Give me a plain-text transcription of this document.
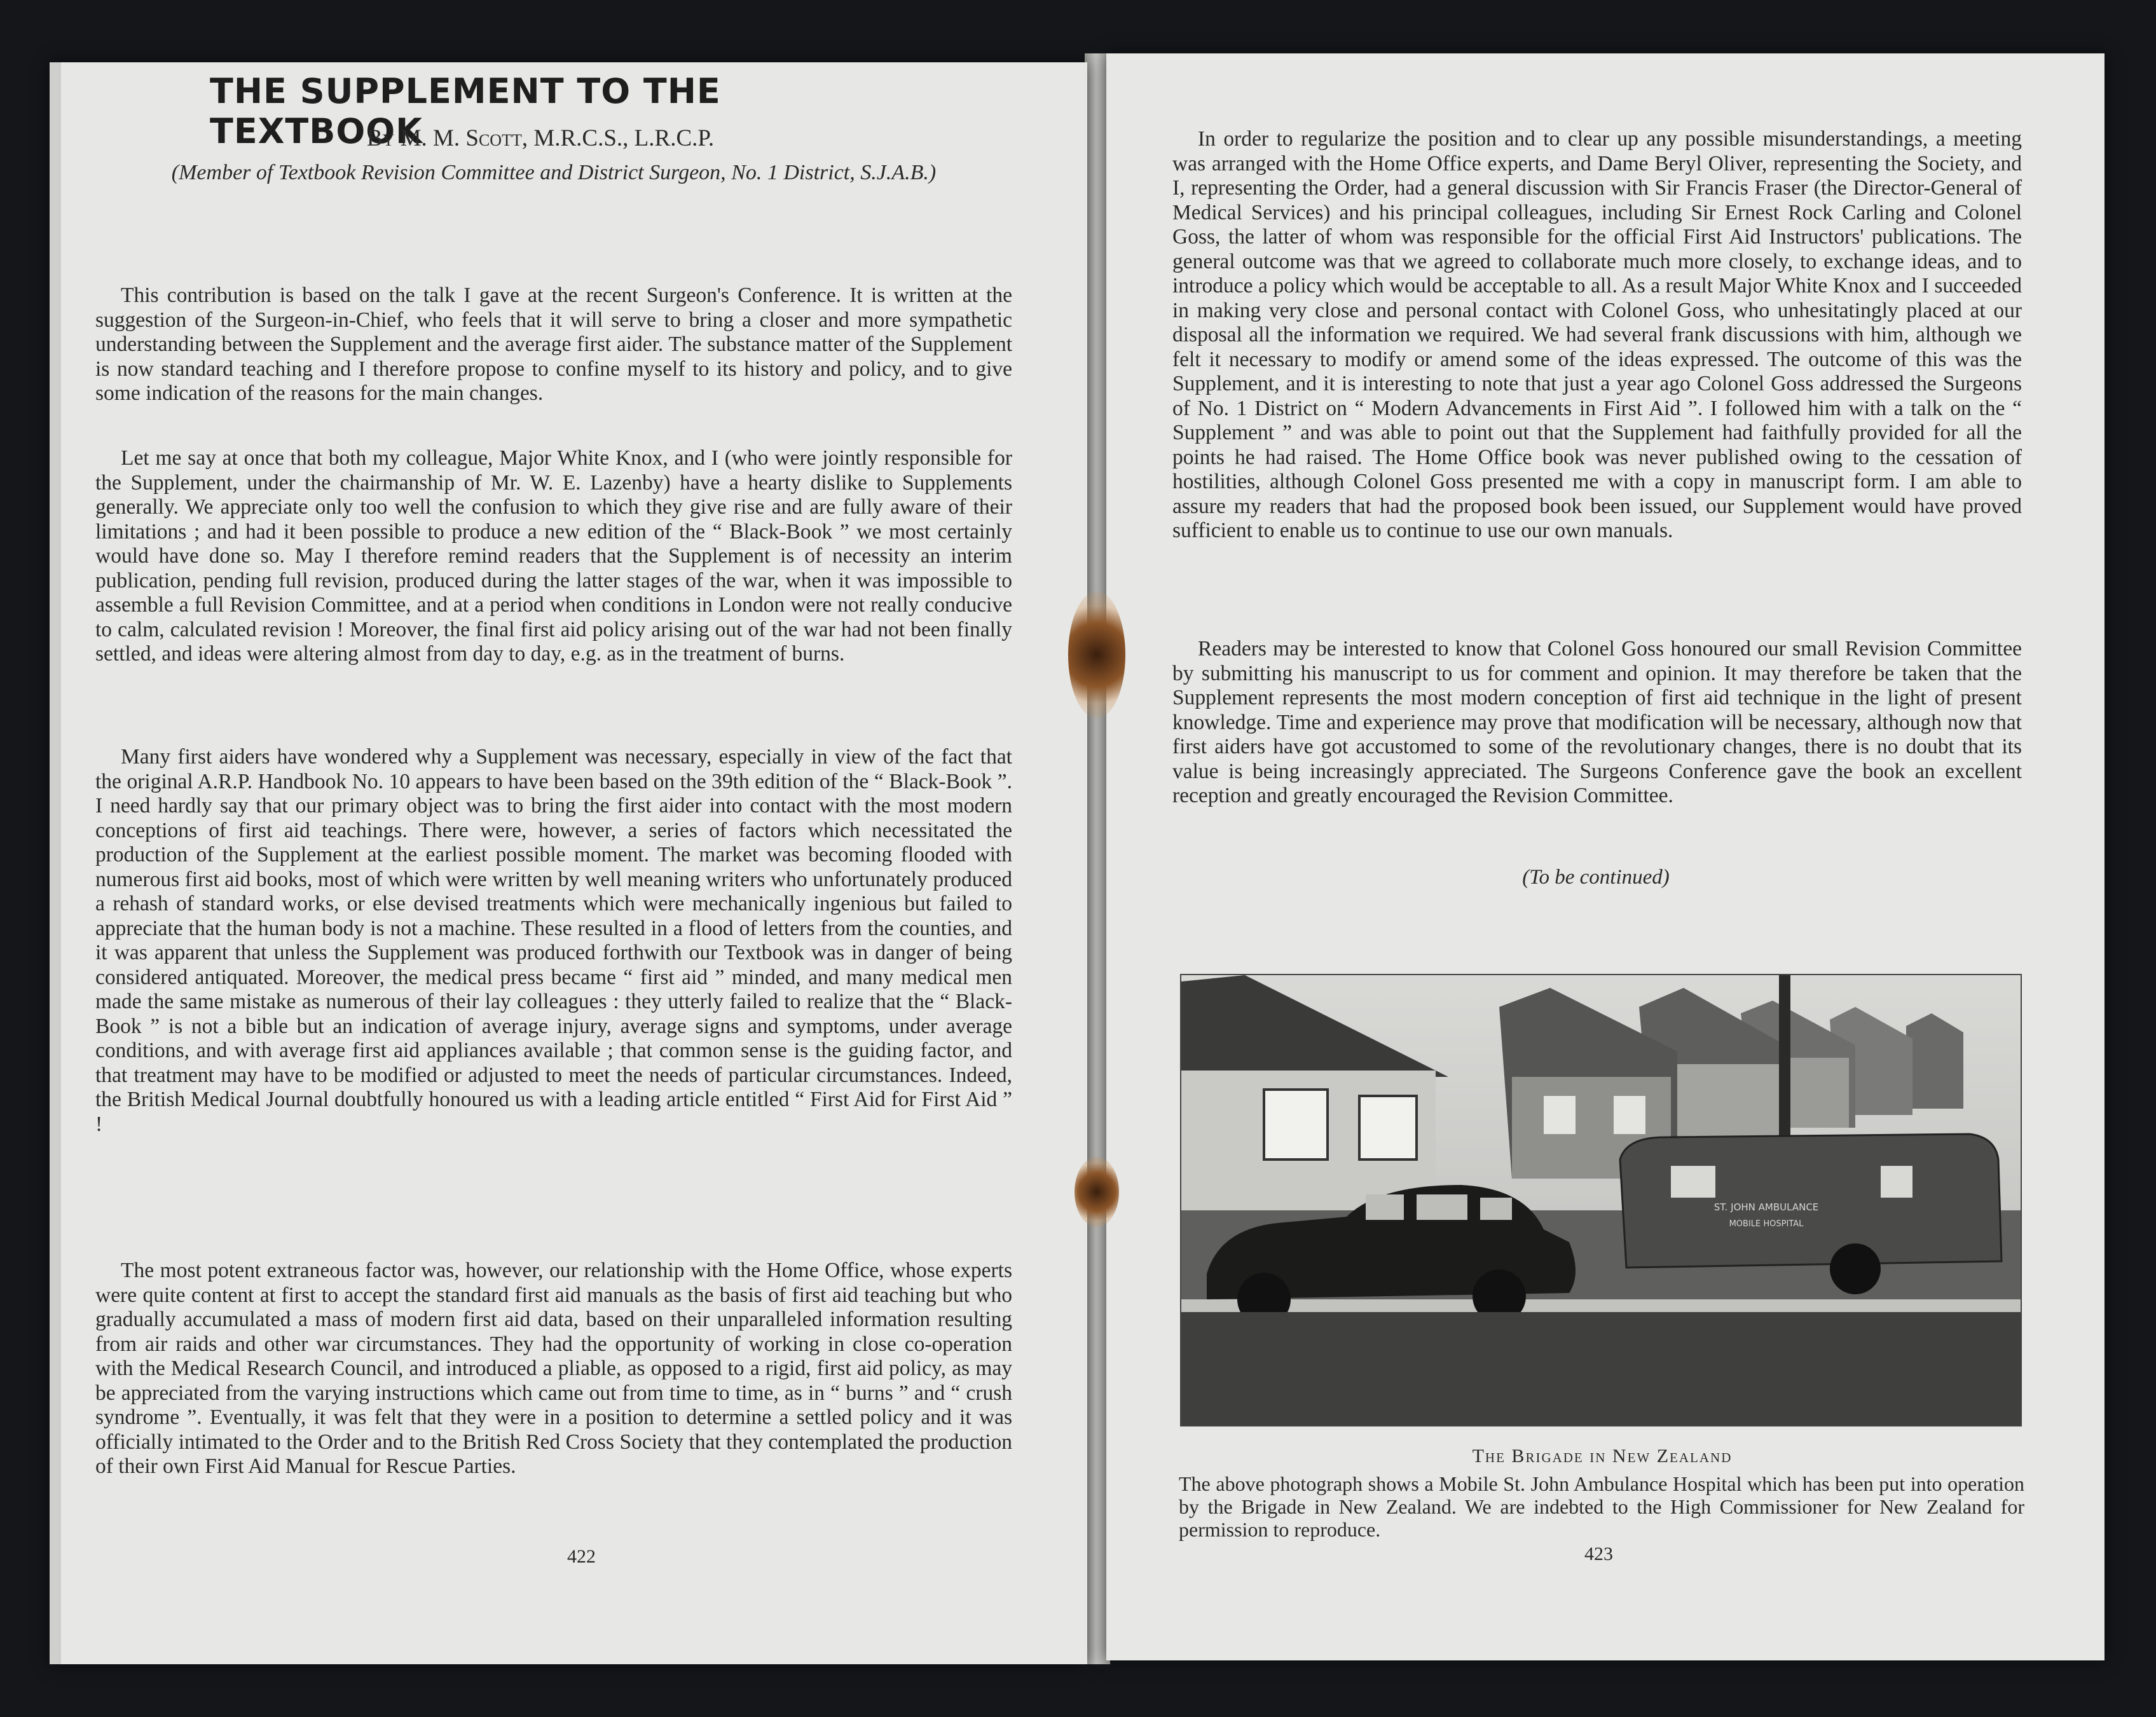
THE SUPPLEMENT TO THE TEXTBOOK
By M. M. Scott, M.R.C.S., L.R.C.P.
(Member of Textbook Revision Committee and District Surgeon, No. 1 District, S.J.A.B.)

This contribution is based on the talk I gave at the recent Surgeon's Conference. It is written at the suggestion of the Surgeon-in-Chief, who feels that it will serve to bring a closer and more sympathetic understanding between the Supplement and the average first aider. The substance matter of the Supplement is now standard teaching and I therefore propose to confine myself to its history and policy, and to give some indication of the reasons for the main changes.

Let me say at once that both my colleague, Major White Knox, and I (who were jointly responsible for the Supplement, under the chairmanship of Mr. W. E. Lazenby) have a hearty dislike to Supplements generally. We appreciate only too well the confusion to which they give rise and are fully aware of their limitations ; and had it been possible to produce a new edition of the “ Black-Book ” we most certainly would have done so. May I therefore remind readers that the Supplement is of necessity an interim publication, pending full revision, produced during the latter stages of the war, when it was impossible to assemble a full Revision Committee, and at a period when conditions in London were not really conducive to calm, calculated revision ! Moreover, the final first aid policy arising out of the war had not been finally settled, and ideas were altering almost from day to day, e.g. as in the treatment of burns.

Many first aiders have wondered why a Supplement was necessary, especially in view of the fact that the original A.R.P. Handbook No. 10 appears to have been based on the 39th edition of the “ Black-Book ”. I need hardly say that our primary object was to bring the first aider into contact with the most modern conceptions of first aid teachings. There were, however, a series of factors which necessitated the production of the Supplement at the earliest possible moment. The market was becoming flooded with numerous first aid books, most of which were written by well meaning writers who unfortunately produced a rehash of standard works, or else devised treatments which were mechanically ingenious but failed to appreciate that the human body is not a machine. These resulted in a flood of letters from the counties, and it was apparent that unless the Supplement was produced forthwith our Textbook was in danger of being considered antiquated. Moreover, the medical press became “ first aid ” minded, and many medical men made the same mistake as numerous of their lay colleagues : they utterly failed to realize that the “ Black-Book ” is not a bible but an indication of average injury, average signs and symptoms, under average conditions, and with average first aid appliances available ; that common sense is the guiding factor, and that treatment may have to be modified or adjusted to meet the needs of particular circumstances. Indeed, the British Medical Journal doubtfully honoured us with a leading article entitled “ First Aid for First Aid ” !

The most potent extraneous factor was, however, our relationship with the Home Office, whose experts were quite content at first to accept the standard first aid manuals as the basis of first aid teaching but who gradually accumulated a mass of modern first aid data, based on their unparalleled information resulting from air raids and other war circumstances. They had the opportunity of working in close co-operation with the Medical Research Council, and introduced a pliable, as opposed to a rigid, first aid policy, as may be appreciated from the varying instructions which came out from time to time, as in “ burns ” and “ crush syndrome ”. Eventually, it was felt that they were in a position to determine a settled policy and it was officially intimated to the Order and to the British Red Cross Society that they contemplated the production of their own First Aid Manual for Rescue Parties.

422

In order to regularize the position and to clear up any possible misunderstandings, a meeting was arranged with the Home Office experts, and Dame Beryl Oliver, representing the Society, and I, representing the Order, had a general discussion with Sir Francis Fraser (the Director-General of Medical Services) and his principal colleagues, including Sir Ernest Rock Carling and Colonel Goss, the latter of whom was responsible for the official First Aid Instructors' publications. The general outcome was that we agreed to collaborate much more closely, to exchange ideas, and to introduce a policy which would be acceptable to all. As a result Major White Knox and I succeeded in making very close and personal contact with Colonel Goss, who unhesitatingly placed at our disposal all the information we required. We had several frank discussions with him, although we felt it necessary to modify or amend some of the ideas expressed. The outcome of this was the Supplement, and it is interesting to note that just a year ago Colonel Goss addressed the Surgeons of No. 1 District on “ Modern Advancements in First Aid ”. I followed him with a talk on the “ Supplement ” and was able to point out that the Supplement had faithfully provided for all the points he had raised. The Home Office book was never published owing to the cessation of hostilities, although Colonel Goss presented me with a copy in manuscript form. I am able to assure my readers that had the proposed book been issued, our Supplement would have proved sufficient to enable us to continue to use our own manuals.

Readers may be interested to know that Colonel Goss honoured our small Revision Committee by submitting his manuscript to us for comment and opinion. It may therefore be taken that the Supplement represents the most modern conception of first aid technique in the light of present knowledge. Time and experience may prove that modification will be necessary, although now that first aiders have got accustomed to some of the revolutionary changes, there is no doubt that its value is being increasingly appreciated. The Surgeons Conference gave the book an excellent reception and greatly encouraged the Revision Committee.

(To be continued)
ST. JOHN AMBULANCE
MOBILE HOSPITAL
The Brigade in New Zealand

The above photograph shows a Mobile St. John Ambulance Hospital which has been put into operation by the Brigade in New Zealand. We are indebted to the High Commissioner for New Zealand for permission to reproduce.

423
